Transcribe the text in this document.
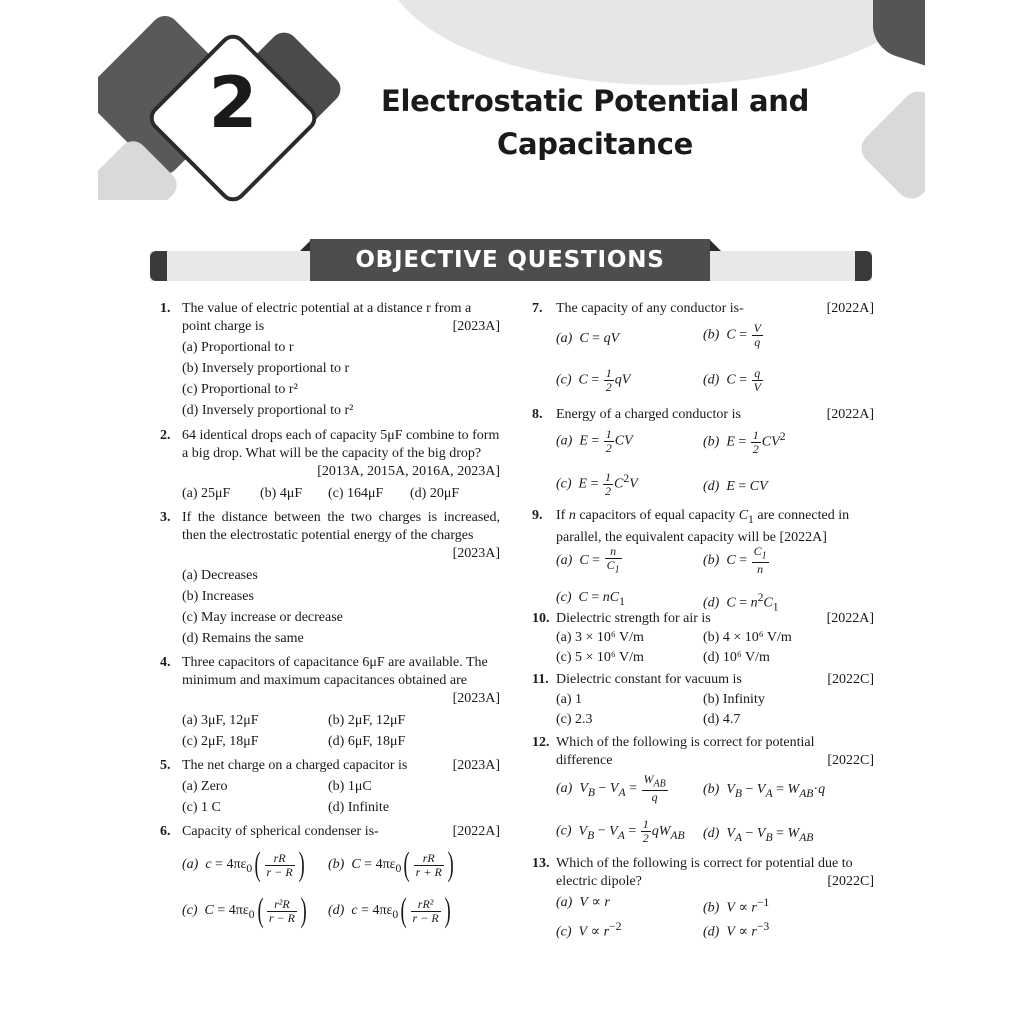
2	Electrostatic Potential and
Capacitance
OBJECTIVE QUESTIONS
1. The value of electric potential at a distance r from a point charge is	[2023A]
(a) Proportional to r
(b) Inversely proportional to r
(c) Proportional to r²
(d) Inversely proportional to r²
2. 64 identical drops each of capacity 5μF combine to form a big drop. What will be the capacity of the big drop?
[2013A, 2015A, 2016A, 2023A]
(a) 25μF (b) 4μF (c) 164μF (d) 20μF
3. If the distance between the two charges is increased, then the electrostatic potential energy of the charges
[2023A]
(a) Decreases
(b) Increases
(c) May increase or decrease
(d) Remains the same
4. Three capacitors of capacitance 6μF are available. The minimum and maximum capacitances obtained are
[2023A]
(a) 3μF, 12μF	(b) 2μF, 12μF
(c) 2μF, 18μF	(d) 6μF, 18μF
5. The net charge on a charged capacitor is	[2023A]
(a) Zero	(b) 1μC
(c) 1 C	(d) Infinite
6. Capacity of spherical condenser is-	[2022A]
(a) $c = 4\pi\varepsilon_0( \frac{rR}{r - R}$ ) (b) $C = 4\pi\varepsilon_0( \frac{rR}{r + R}$ )
(c) $C = 4\pi\varepsilon_0( \frac{\text{r²R}}{r - R}$ ) (d) $c = 4\pi\varepsilon_0( \frac{\text{rR²}}{r - R}$ )
7. The capacity of any conductor is-	[2022A]
(a) C = qV	(b) $C = \frac{V}{q}$
(c) $C = \frac{1}{2}$ qV	(d) $C = \frac{q}{V}$
8. Energy of a charged conductor is	[2022A]
(a) $E = \frac{1}{2}$ CV	(b) $E = \frac{1}{2} CV^2$
(c) $E = \frac{1}{2} C^2V$	(d) E = CV
9. If n capacitors of equal capacity $C_1$ are connected in parallel, the equivalent capacity will be [2022A]
(a) $C = \frac{n}{C_1}$	(b) $C = \frac{C_1}{n}$
(c) $C = nC_1$	(d) $C = n^2C_1$
10. Dielectric strength for air is	[2022A]
(a) 3 × 10⁶ V/m	(b) 4 × 10⁶ V/m
(c) 5 × 10⁶ V/m	(d) 10⁶ V/m
11. Dielectric constant for vacuum is	[2022C]
(a) 1	(b) Infinity
(c) 2.3	(d) 4.7
12. Which of the following is correct for potential difference	[2022C]
(a) $V_B - V_A = \frac{W_{AB}}{q}$	(b) $V_B - V_A = W_{AB}\cdot q$
(c) $V_B - V_A = \frac{1}{2} qW_{AB}$ (d) $V_A - V_B = W_{AB}$
13. Which of the following is correct for potential due to electric dipole?	[2022C]
(a) V ∝ r	(b) $V \propto r^{-1}$
(c) $V \propto r^{-2}$	(d) $V \propto r^{-3}$
